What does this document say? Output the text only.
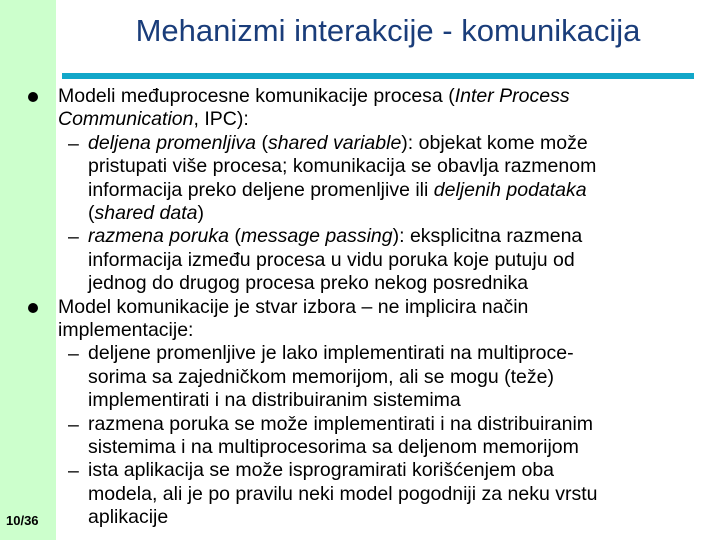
Mehanizmi interakcije - komunikacija
10/36
Modeli međuprocesne komunikacije procesa (Inter Process
Communication, IPC):
– deljena promenljiva (shared variable): objekat kome može
pristupati više procesa; komunikacija se obavlja razmenom
informacija preko deljene promenljive ili deljenih podataka
(shared data)
– razmena poruka (message passing): eksplicitna razmena
informacija između procesa u vidu poruka koje putuju od
jednog do drugog procesa preko nekog posrednika
Model komunikacije je stvar izbora – ne implicira način
implementacije:
– deljene promenljive je lako implementirati na multiproce-
sorima sa zajedničkom memorijom, ali se mogu (teže)
implementirati i na distribuiranim sistemima
– razmena poruka se može implementirati i na distribuiranim
sistemima i na multiprocesorima sa deljenom memorijom
– ista aplikacija se može isprogramirati korišćenjem oba
modela, ali je po pravilu neki model pogodniji za neku vrstu
aplikacije
